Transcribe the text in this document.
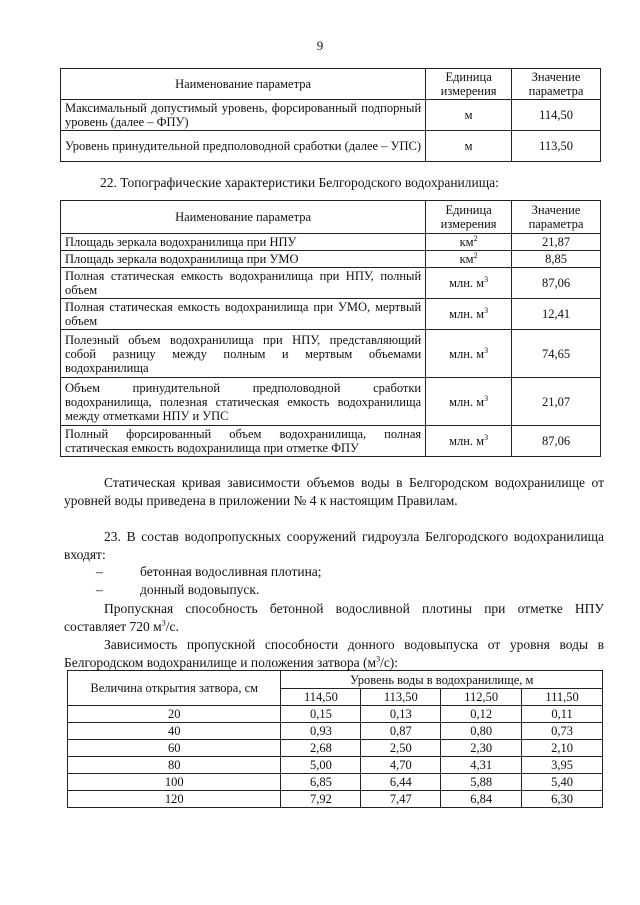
9
Наименование параметра	Единица измерения	Значение параметра
Максимальный допустимый уровень, форсированный подпорный уровень (далее – ФПУ)	м	114,50
Уровень принудительной предполоводной сработки (далее – УПС)	м	113,50
22. Топографические характеристики Белгородского водохранилища:
Наименование параметра	Единица измерения	Значение параметра
Площадь зеркала водохранилища при НПУ	$км^2$	21,87
Площадь зеркала водохранилища при УМО	$км^2$	8,85
Полная статическая емкость водохранилища при НПУ, полный объем	млн. $м^3$	87,06
Полная статическая емкость водохранилища при УМО, мертвый объем	млн. $м^3$	12,41
Полезный объем водохранилища при НПУ, представляющий собой разницу между полным и мертвым объемами водохранилища	млн. $м^3$	74,65
Объем принудительной предполоводной сработки водохранилища, полезная статическая емкость водохранилища между отметками НПУ и УПС	млн. $м^3$	21,07
Полный форсированный объем водохранилища, полная статическая емкость водохранилища при отметке ФПУ	млн. $м^3$	87,06
Статическая кривая зависимости объемов воды в Белгородском водохранилище от уровней воды приведена в приложении № 4 к настоящим Правилам.
23. В состав водопропускных сооружений гидроузла Белгородского водохранилища входят:
–	бетонная водосливная плотина;
–	донный водовыпуск.
Пропускная способность бетонной водосливной плотины при отметке НПУ составляет 720 $м^3/с$.
Зависимость пропускной способности донного водовыпуска от уровня воды в Белгородском водохранилище и положения затвора $(м^3/с)$:
Величина открытия затвора, см	Уровень воды в водохранилище, м			
	114,50	113,50	112,50	111,50
20	0,15	0,13	0,12	0,11
40	0,93	0,87	0,80	0,73
60	2,68	2,50	2,30	2,10
80	5,00	4,70	4,31	3,95
100	6,85	6,44	5,88	5,40
120	7,92	7,47	6,84	6,30
